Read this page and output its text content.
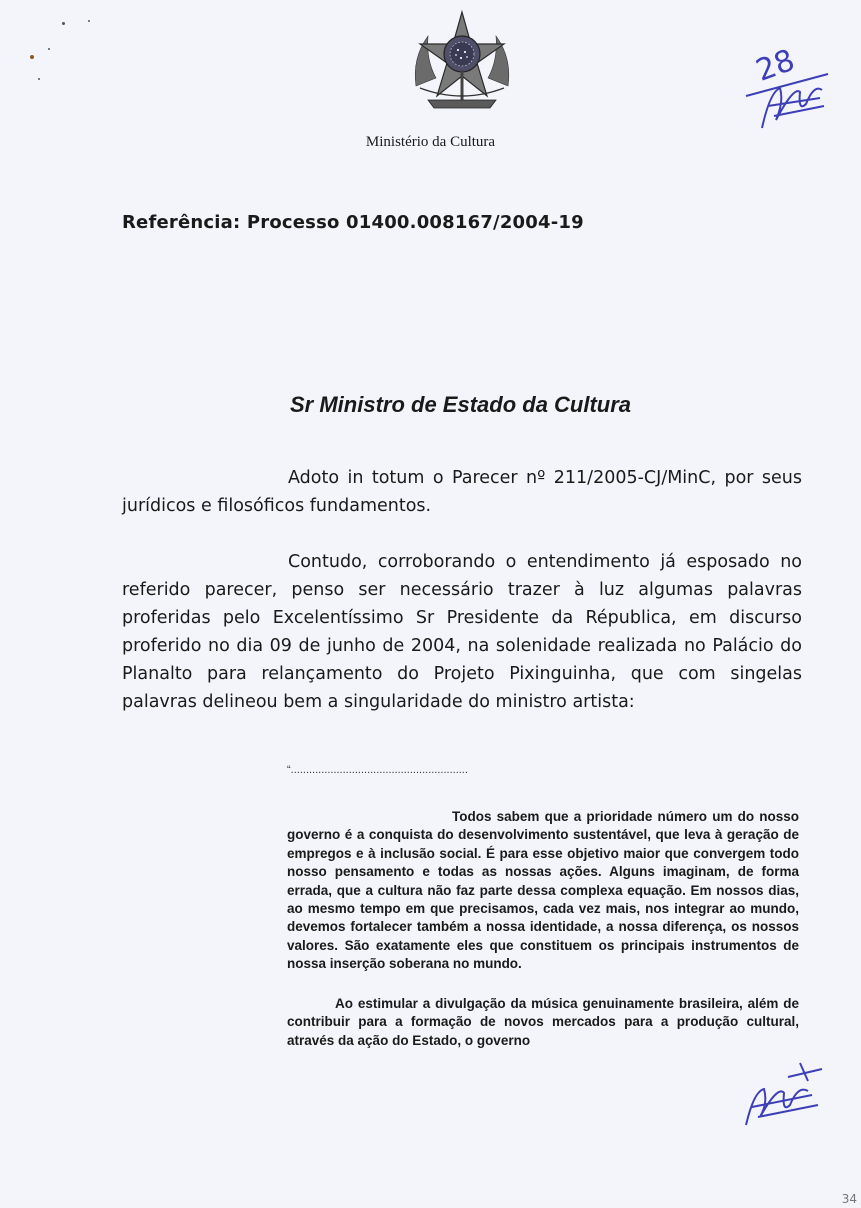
Ministério da Cultura
28
Referência: Processo 01400.008167/2004-19
Sr Ministro de Estado da Cultura

Adoto in totum o Parecer nº 211/2005-CJ/MinC, por seus jurídicos e filosóficos fundamentos.

Contudo, corroborando o entendimento já esposado no referido parecer, penso ser necessário trazer à luz algumas palavras proferidas pelo Excelentíssimo Sr Presidente da Républica, em discurso proferido no dia 09 de junho de 2004, na solenidade realizada no Palácio do Planalto para relançamento do Projeto Pixinguinha, que com singelas palavras delineou bem a singularidade do ministro artista:

“..........................................................

Todos sabem que a prioridade número um do nosso governo é a conquista do desenvolvimento sustentável, que leva à geração de empregos e à inclusão social. É para esse objetivo maior que convergem todo nosso pensamento e todas as nossas ações. Alguns imaginam, de forma errada, que a cultura não faz parte dessa complexa equação. Em nossos dias, ao mesmo tempo em que precisamos, cada vez mais, nos integrar ao mundo, devemos fortalecer também a nossa identidade, a nossa diferença, os nossos valores. São exatamente eles que constituem os principais instrumentos de nossa inserção soberana no mundo.

Ao estimular a divulgação da música genuinamente brasileira, além de contribuir para a formação de novos mercados para a produção cultural, através da ação do Estado, o governo

34
